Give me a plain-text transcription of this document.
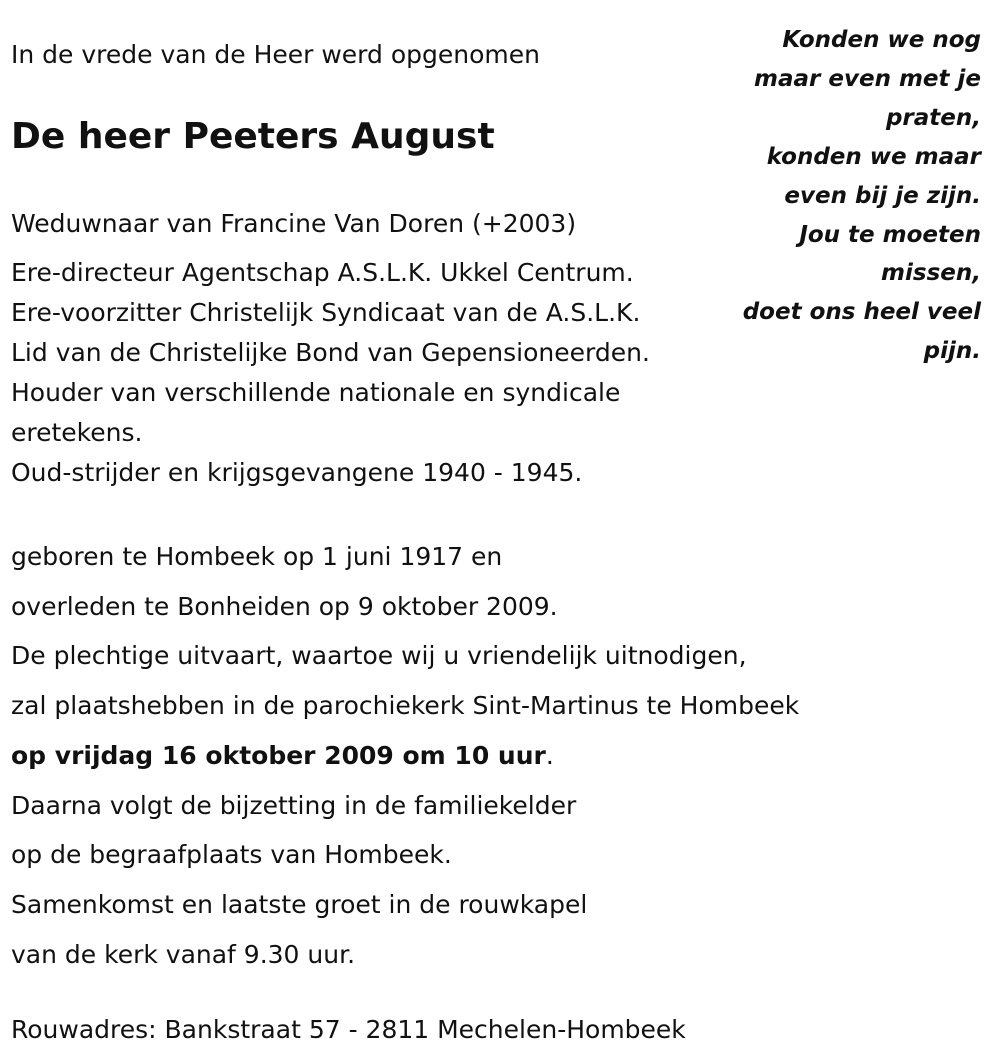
In de vrede van de Heer werd opgenomen
De heer Peeters August
Weduwnaar van Francine Van Doren (+2003)
Ere-directeur Agentschap A.S.L.K. Ukkel Centrum.
Ere-voorzitter Christelijk Syndicaat van de A.S.L.K.
Lid van de Christelijke Bond van Gepensioneerden.
Houder van verschillende nationale en syndicale
eretekens.
Oud-strijder en krijgsgevangene 1940 - 1945.
geboren te Hombeek op 1 juni 1917 en
overleden te Bonheiden op 9 oktober 2009.
De plechtige uitvaart, waartoe wij u vriendelijk uitnodigen,
zal plaatshebben in de parochiekerk Sint-Martinus te Hombeek
op vrijdag 16 oktober 2009 om 10 uur.
Daarna volgt de bijzetting in de familiekelder
op de begraafplaats van Hombeek.
Samenkomst en laatste groet in de rouwkapel
van de kerk vanaf 9.30 uur.
Rouwadres: Bankstraat 57 - 2811 Mechelen-Hombeek
Konden we nog
maar even met je
praten,
konden we maar
even bij je zijn.
Jou te moeten
missen,
doet ons heel veel
pijn.
